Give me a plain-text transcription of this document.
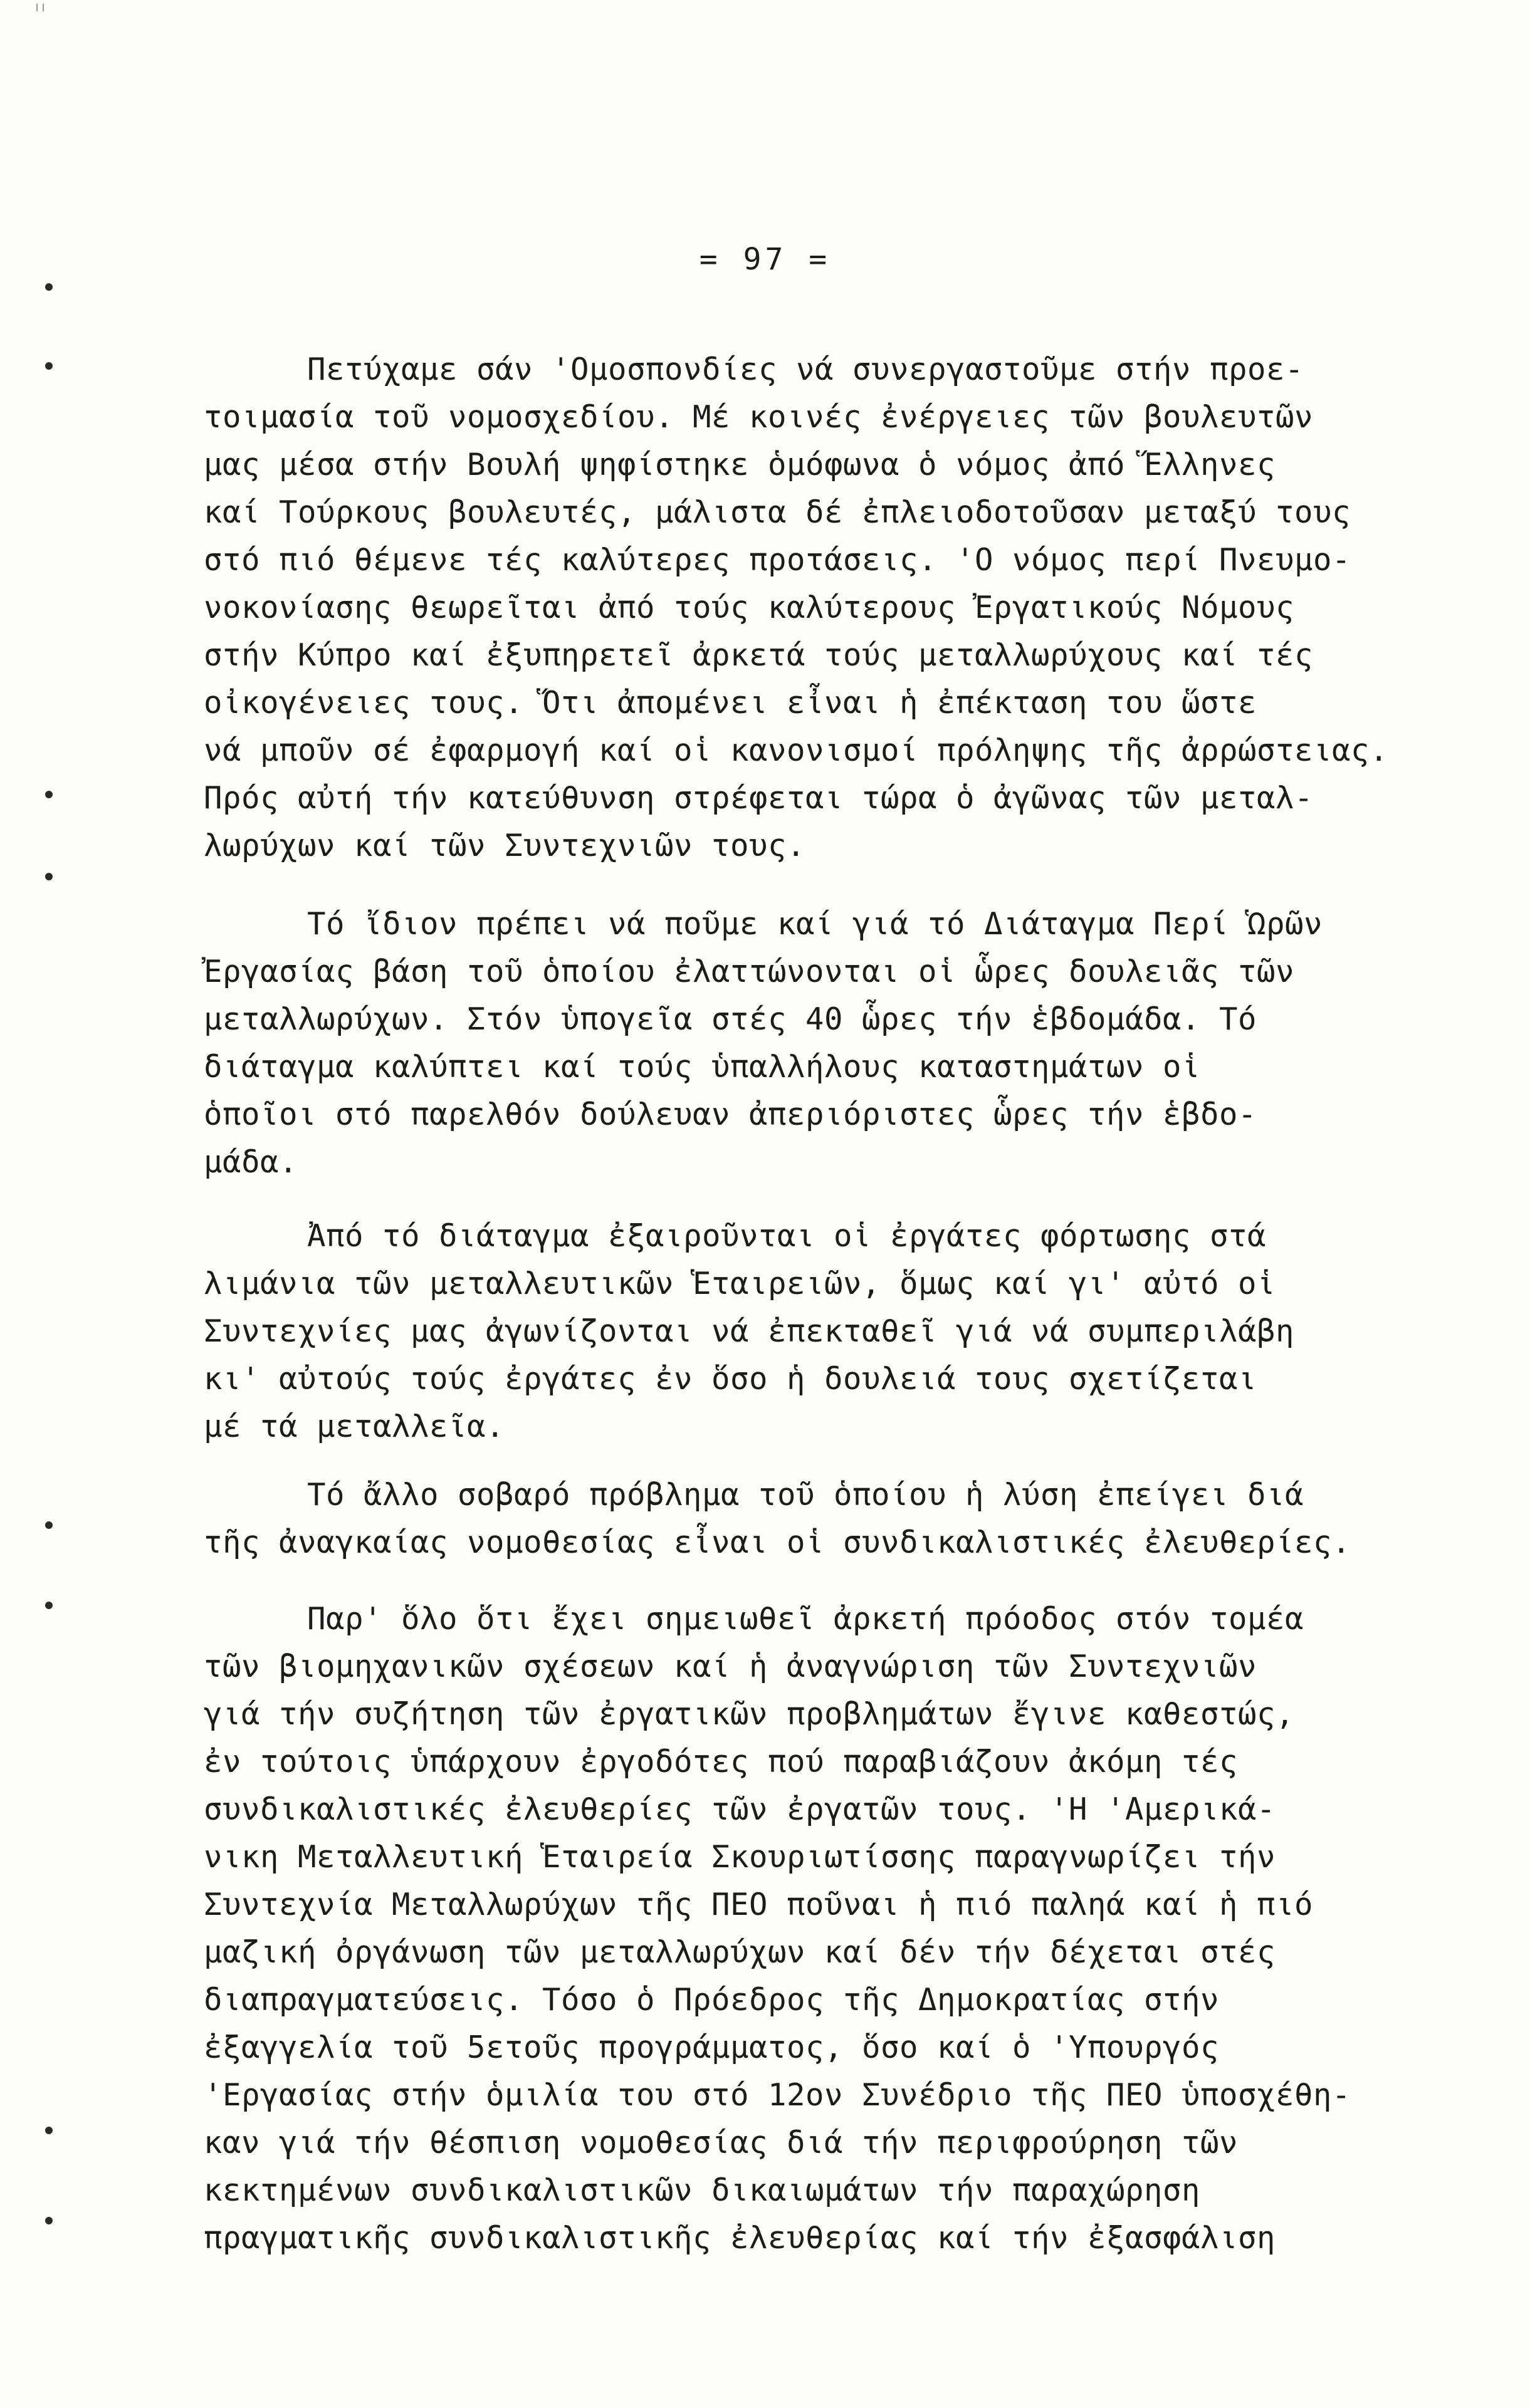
= 97 =
Πετύχαμε σάν 'Ομοσπονδίες νά συνεργαστοῦμε στήν προε-
τοιμασία τοῦ νομοσχεδίου. Μέ κοινές ἐνέργειες τῶν βουλευτῶν
μας μέσα στήν Βουλή ψηφίστηκε ὁμόφωνα ὁ νόμος ἀπό Ἕλληνες
καί Τούρκους βουλευτές, μάλιστα δέ ἐπλειοδοτοῦσαν μεταξύ τους
στό πιό θέμενε τές καλύτερες προτάσεις. 'Ο νόμος περί Πνευμο-
νοκονίασης θεωρεῖται ἀπό τούς καλύτερους Ἐργατικούς Νόμους
στήν Κύπρο καί ἐξυπηρετεῖ ἀρκετά τούς μεταλλωρύχους καί τές
οἰκογένειες τους. Ὅτι ἀπομένει εἶναι ἡ ἐπέκταση του ὥστε
νά μποῦν σέ ἐφαρμογή καί οἱ κανονισμοί πρόληψης τῆς ἀρρώστειας.
Πρός αὐτή τήν κατεύθυνση στρέφεται τώρα ὁ ἀγῶνας τῶν μεταλ-
λωρύχων καί τῶν Συντεχνιῶν τους.
Τό ἴδιον πρέπει νά ποῦμε καί γιά τό Διάταγμα Περί Ὡρῶν
Ἐργασίας βάση τοῦ ὁποίου ἐλαττώνονται οἱ ὧρες δουλειᾶς τῶν
μεταλλωρύχων. Στόν ὑπογεῖα στές 40 ὧρες τήν ἑβδομάδα. Τό
διάταγμα καλύπτει καί τούς ὑπαλλήλους καταστημάτων οἱ
ὁποῖοι στό παρελθόν δούλευαν ἀπεριόριστες ὧρες τήν ἑβδο-
μάδα.
Ἀπό τό διάταγμα ἐξαιροῦνται οἱ ἐργάτες φόρτωσης στά
λιμάνια τῶν μεταλλευτικῶν Ἑταιρειῶν, ὅμως καί γι' αὐτό οἱ
Συντεχνίες μας ἀγωνίζονται νά ἐπεκταθεῖ γιά νά συμπεριλάβη
κι' αὐτούς τούς ἐργάτες ἐν ὅσο ἡ δουλειά τους σχετίζεται
μέ τά μεταλλεῖα.
Τό ἄλλο σοβαρό πρόβλημα τοῦ ὁποίου ἡ λύση ἐπείγει διά
τῆς ἀναγκαίας νομοθεσίας εἶναι οἱ συνδικαλιστικές ἐλευθερίες.
Παρ' ὅλο ὅτι ἔχει σημειωθεῖ ἀρκετή πρόοδος στόν τομέα
τῶν βιομηχανικῶν σχέσεων καί ἡ ἀναγνώριση τῶν Συντεχνιῶν
γιά τήν συζήτηση τῶν ἐργατικῶν προβλημάτων ἔγινε καθεστώς,
ἐν τούτοις ὑπάρχουν ἐργοδότες πού παραβιάζουν ἀκόμη τές
συνδικαλιστικές ἐλευθερίες τῶν ἐργατῶν τους. 'Η 'Αμερικά-
νικη Μεταλλευτική Ἑταιρεία Σκουριωτίσσης παραγνωρίζει τήν
Συντεχνία Μεταλλωρύχων τῆς ΠΕΟ ποῦναι ἡ πιό παληά καί ἡ πιό
μαζική ὀργάνωση τῶν μεταλλωρύχων καί δέν τήν δέχεται στές
διαπραγματεύσεις. Τόσο ὁ Πρόεδρος τῆς Δημοκρατίας στήν
ἐξαγγελία τοῦ 5ετοῦς προγράμματος, ὅσο καί ὁ 'Υπουργός
'Εργασίας στήν ὁμιλία του στό 12ον Συνέδριο τῆς ΠΕΟ ὑποσχέθη-
καν γιά τήν θέσπιση νομοθεσίας διά τήν περιφρούρηση τῶν
κεκτημένων συνδικαλιστικῶν δικαιωμάτων τήν παραχώρηση
πραγματικῆς συνδικαλιστικῆς ἐλευθερίας καί τήν ἐξασφάλιση
